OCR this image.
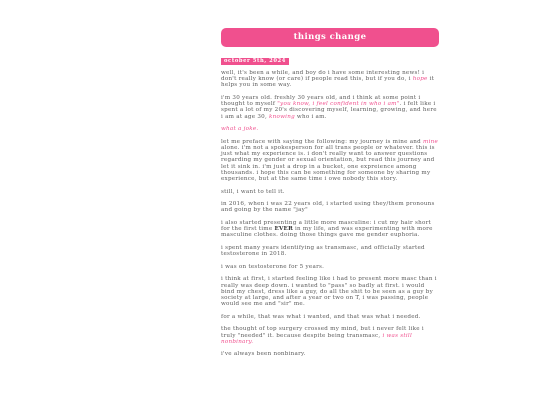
things change
october 5th, 2024

well, it's been a while, and boy do i have some interesting news! i don't really know (or care) if people read this, but if you do, i hope it helps you in some way.

i'm 30 years old. freshly 30 years old, and i think at some point i thought to myself "you know, i feel confident in who i am". i felt like i spent a lot of my 20's discovering myself, learning, growing, and here i am at age 30, knowing who i am.

what a joke.

let me preface with saying the following: my journey is mine and mine alone. i'm not a spokesperson for all trans people or whatever. this is just what my experience is. i don't really want to answer questions regarding my gender or sexual orientation, but read this journey and let it sink in. i'm just a drop in a bucket, one expreience among thousands. i hope this can be something for someone by sharing my experience, but at the same time i owe nobody this story.

still, i want to tell it.

in 2016, when i was 22 years old, i started using they/them pronouns and going by the name "jay"

i also started presenting a little more masculine: i cut my hair short for the first time EVER in my life, and was experimenting with more masculine clothes. doing those things gave me gender euphoria.

i spent many years identifying as transmasc, and officially started testosterone in 2018.

i was on testosterone for 5 years.

i think at first, i started feeling like i had to present more masc than i really was deep down. i wanted to "pass" so badly at first. i would bind my chest, dress like a guy, do all the shit to be seen as a guy by society at large, and after a year or two on T, i was passing, people would see me and "sir" me.

for a while, that was what i wanted, and that was what i needed.

the thought of top surgery crossed my mind, but i never felt like i truly "needed" it. because despite being transmasc, i was still nonbinary.

i've always been nonbinary.
